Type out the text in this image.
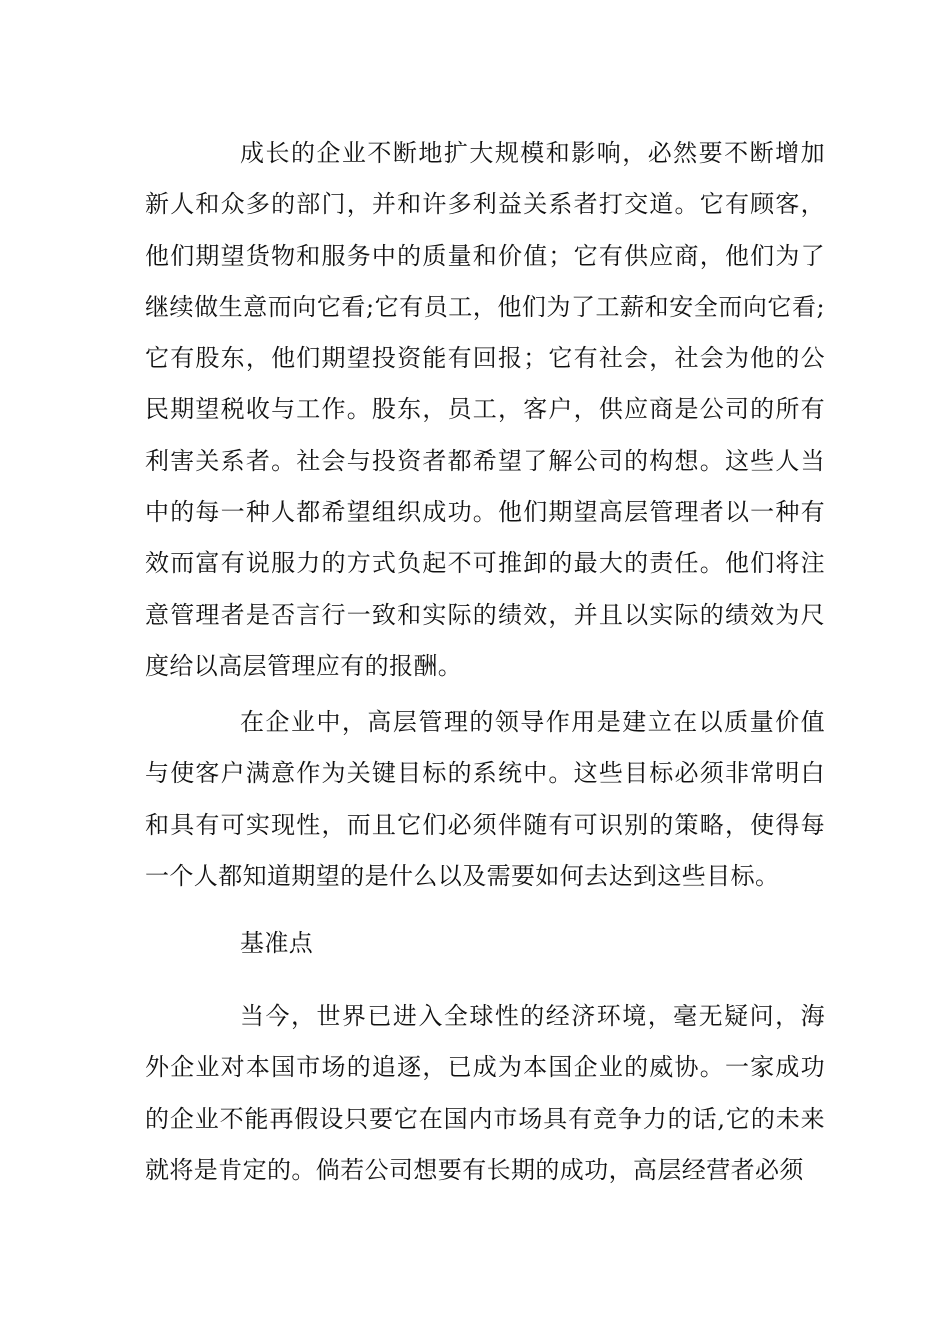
成长的企业不断地扩大规模和影响，必然要不断增加新人和众多的部门，并和许多利益关系者打交道。它有顾客，他们期望货物和服务中的质量和价值；它有供应商，他们为了继续做生意而向它看;它有员工，他们为了工薪和安全而向它看;它有股东，他们期望投资能有回报；它有社会，社会为他的公民期望税收与工作。股东，员工，客户，供应商是公司的所有利害关系者。社会与投资者都希望了解公司的构想。这些人当中的每一种人都希望组织成功。他们期望高层管理者以一种有效而富有说服力的方式负起不可推卸的最大的责任。他们将注意管理者是否言行一致和实际的绩效，并且以实际的绩效为尺度给以高层管理应有的报酬。

在企业中，高层管理的领导作用是建立在以质量价值与使客户满意作为关键目标的系统中。这些目标必须非常明白和具有可实现性，而且它们必须伴随有可识别的策略，使得每一个人都知道期望的是什么以及需要如何去达到这些目标。

基准点

当今，世界已进入全球性的经济环境，毫无疑问，海外企业对本国市场的追逐，已成为本国企业的威协。一家成功的企业不能再假设只要它在国内市场具有竞争力的话,它的未来就将是肯定的。倘若公司想要有长期的成功，高层经营者必须
